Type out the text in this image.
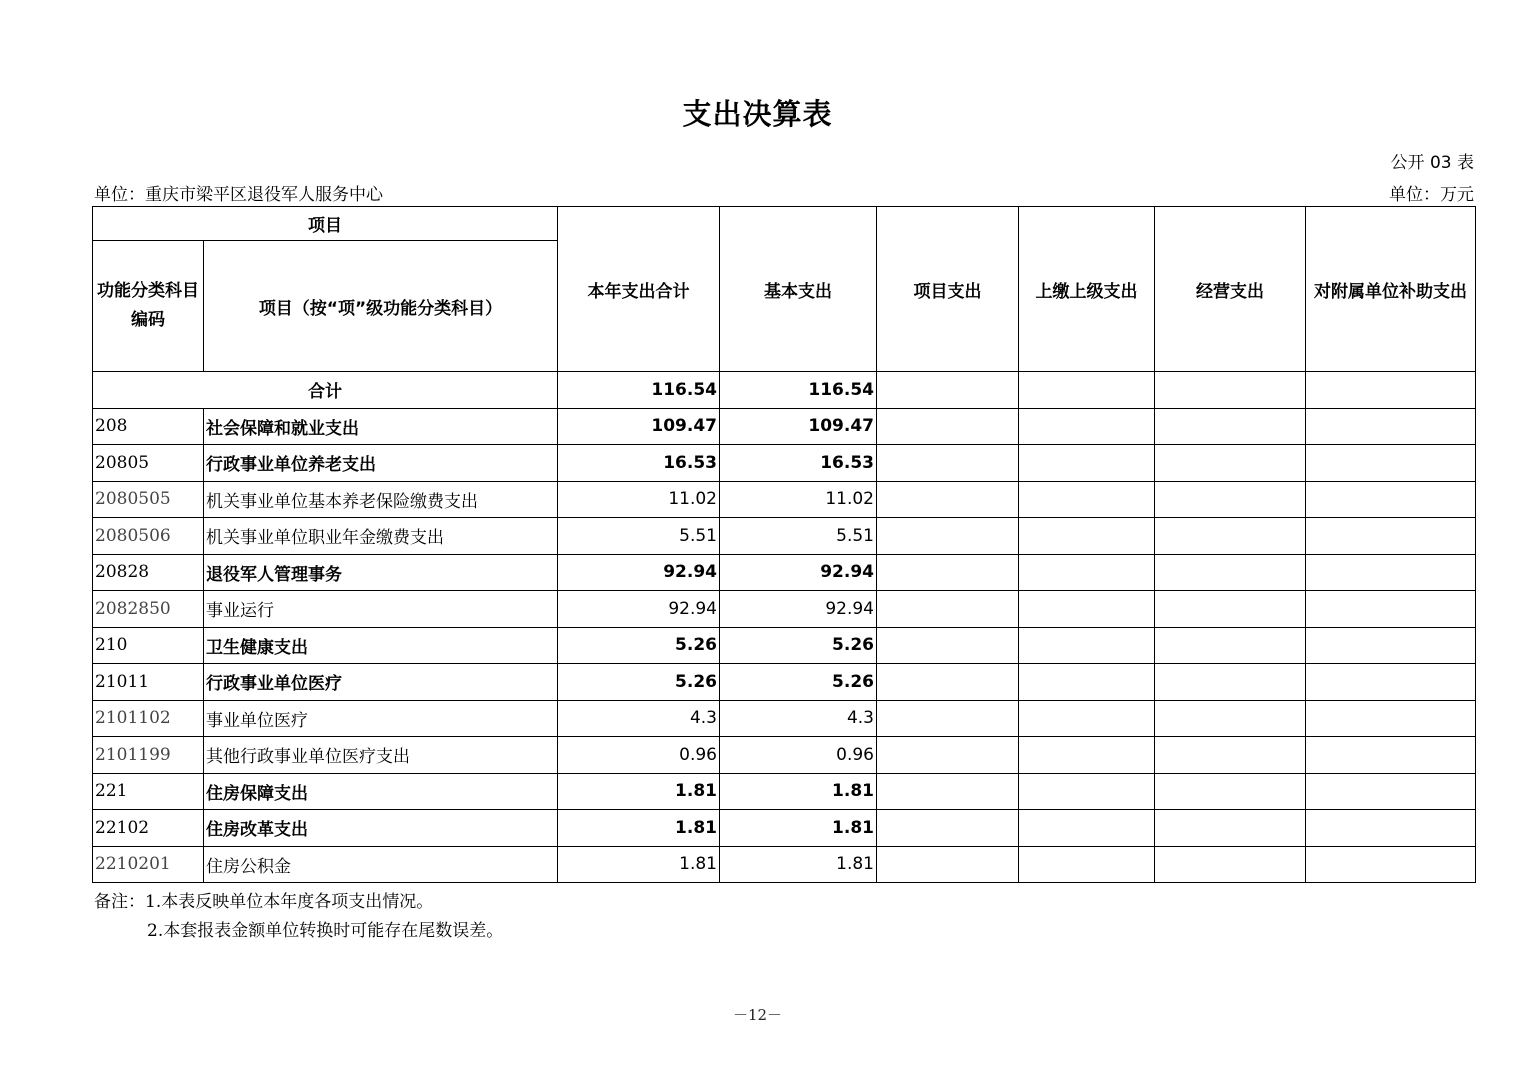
支出决算表
公开 03 表
单位：重庆市梁平区退役军人服务中心	单位：万元
项目		本年支出合计	基本支出	项目支出	上缴上级支出	经营支出	对附属单位补助支出
功能分类科目编码	项目（按“项”级功能分类科目）						
合计		116.54	116.54				
208	社会保障和就业支出	109.47	109.47				
20805	行政事业单位养老支出	16.53	16.53				
2080505	机关事业单位基本养老保险缴费支出	11.02	11.02				
2080506	机关事业单位职业年金缴费支出	5.51	5.51				
20828	退役军人管理事务	92.94	92.94				
2082850	事业运行	92.94	92.94				
210	卫生健康支出	5.26	5.26				
21011	行政事业单位医疗	5.26	5.26				
2101102	事业单位医疗	4.3	4.3				
2101199	其他行政事业单位医疗支出	0.96	0.96				
221	住房保障支出	1.81	1.81				
22102	住房改革支出	1.81	1.81				
2210201	住房公积金	1.81	1.81				
备注：1.本表反映单位本年度各项支出情况。
2.本套报表金额单位转换时可能存在尾数误差。
－12－
